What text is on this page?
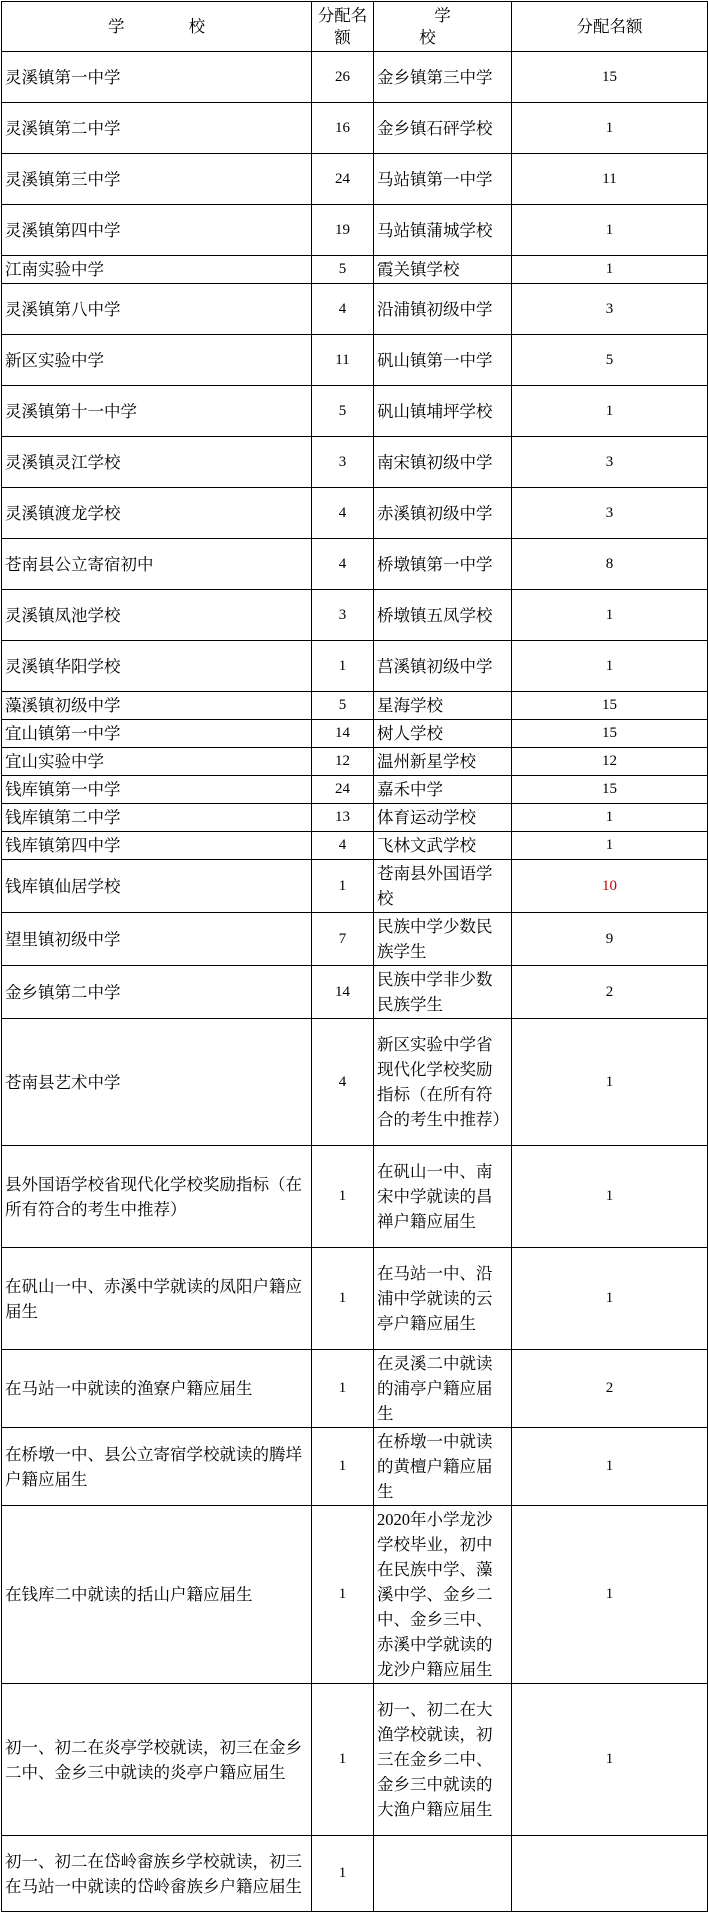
学 校	分配名额	学 校	分配名额
灵溪镇第一中学	26	金乡镇第三中学	15
灵溪镇第二中学	16	金乡镇石砰学校	1
灵溪镇第三中学	24	马站镇第一中学	11
灵溪镇第四中学	19	马站镇蒲城学校	1
江南实验中学	5	霞关镇学校	1
灵溪镇第八中学	4	沿浦镇初级中学	3
新区实验中学	11	矾山镇第一中学	5
灵溪镇第十一中学	5	矾山镇埔坪学校	1
灵溪镇灵江学校	3	南宋镇初级中学	3
灵溪镇渡龙学校	4	赤溪镇初级中学	3
苍南县公立寄宿初中	4	桥墩镇第一中学	8
灵溪镇凤池学校	3	桥墩镇五凤学校	1
灵溪镇华阳学校	1	莒溪镇初级中学	1
藻溪镇初级中学	5	星海学校	15
宜山镇第一中学	14	树人学校	15
宜山实验中学	12	温州新星学校	12
钱库镇第一中学	24	嘉禾中学	15
钱库镇第二中学	13	体育运动学校	1
钱库镇第四中学	4	飞林文武学校	1
钱库镇仙居学校	1	苍南县外国语学校	10
望里镇初级中学	7	民族中学少数民族学生	9
金乡镇第二中学	14	民族中学非少数民族学生	2
苍南县艺术中学	4	新区实验中学省现代化学校奖励指标（在所有符合的考生中推荐）	1
县外国语学校省现代化学校奖励指标（在所有符合的考生中推荐）	1	在矾山一中、南宋中学就读的昌禅户籍应届生	1
在矾山一中、赤溪中学就读的凤阳户籍应届生	1	在马站一中、沿浦中学就读的云亭户籍应届生	1
在马站一中就读的渔寮户籍应届生	1	在灵溪二中就读的浦亭户籍应届生	2
在桥墩一中、县公立寄宿学校就读的腾垟户籍应届生	1	在桥墩一中就读的黄檀户籍应届生	1
在钱库二中就读的括山户籍应届生	1	2020年小学龙沙学校毕业，初中在民族中学、藻溪中学、金乡二中、金乡三中、赤溪中学就读的龙沙户籍应届生	1
初一、初二在炎亭学校就读，初三在金乡二中、金乡三中就读的炎亭户籍应届生	1	初一、初二在大渔学校就读，初三在金乡二中、金乡三中就读的大渔户籍应届生	1
初一、初二在岱岭畲族乡学校就读，初三在马站一中就读的岱岭畲族乡户籍应届生	1		
